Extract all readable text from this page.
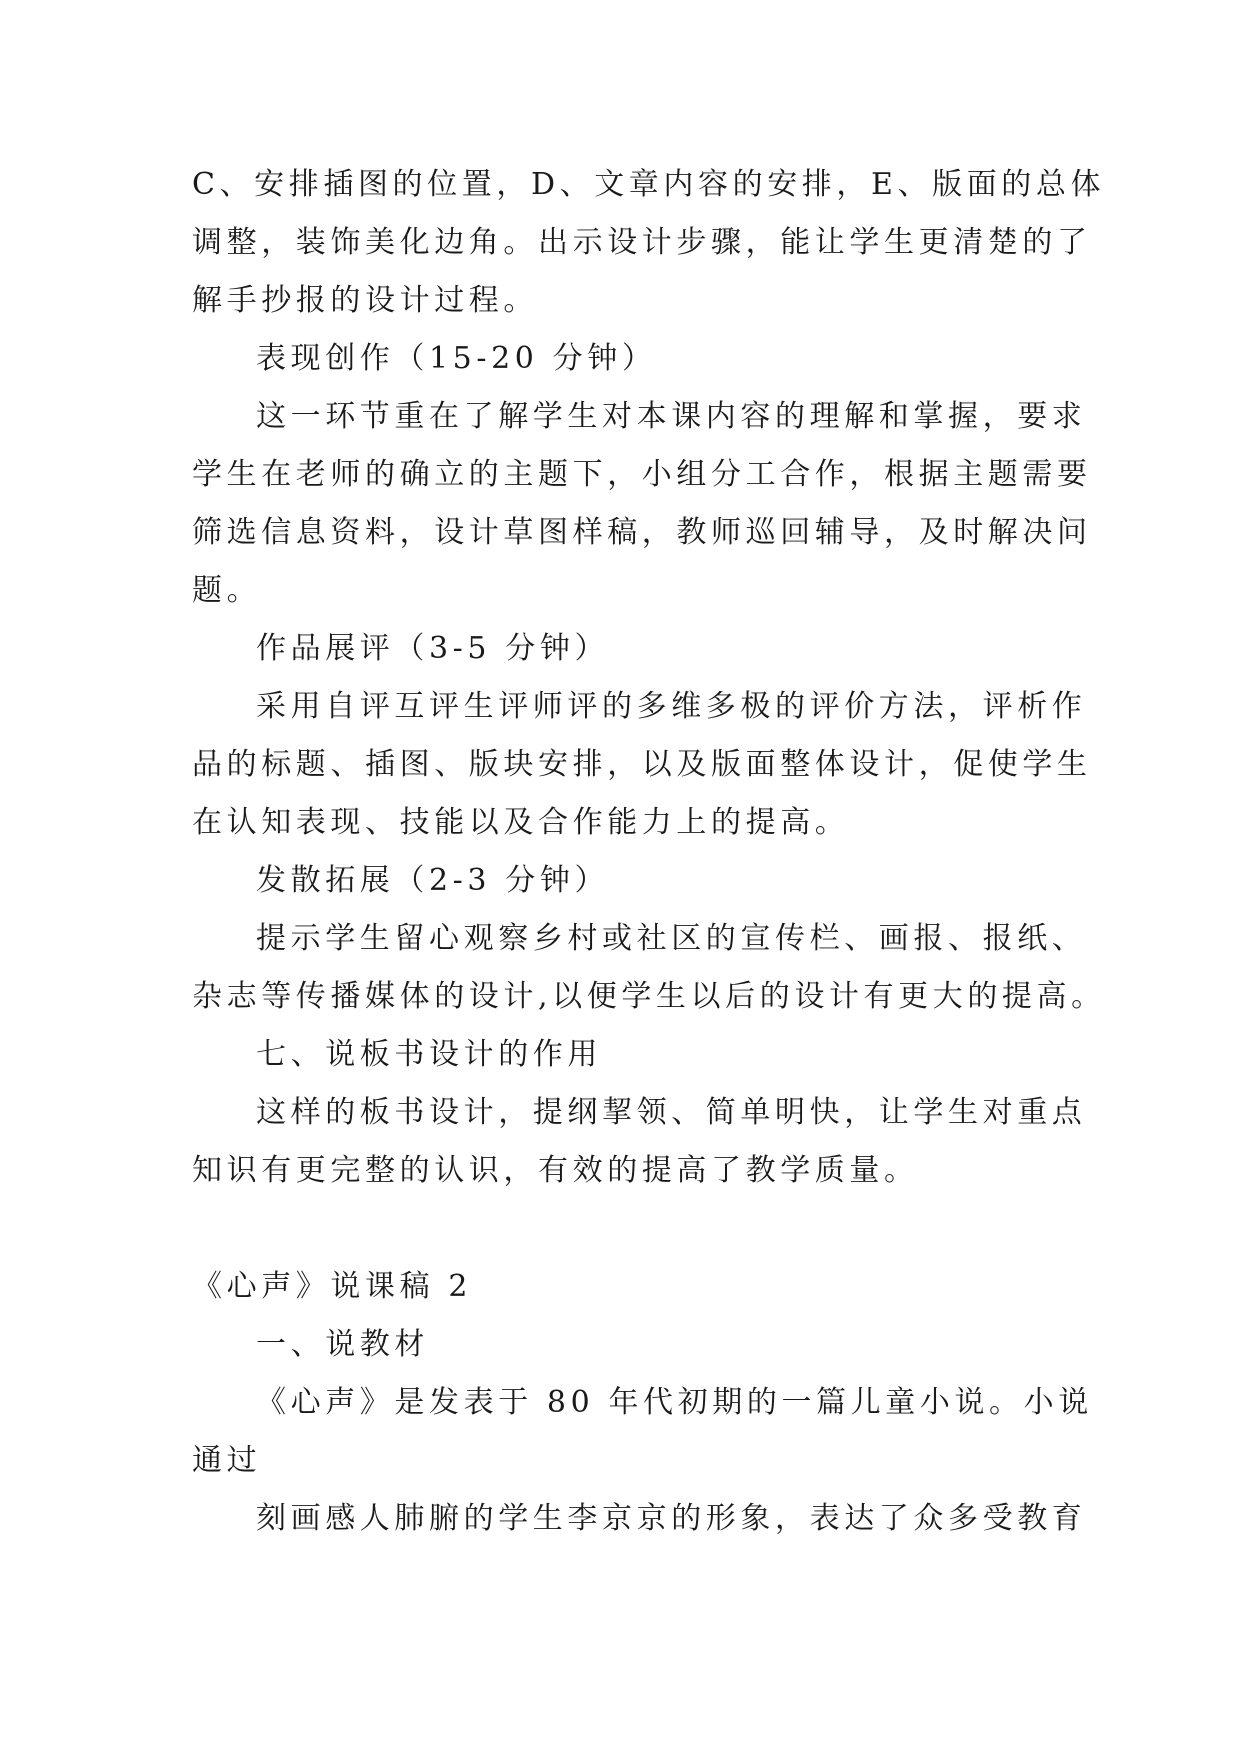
C、安排插图的位置，D、文章内容的安排，E、版面的总体
调整，装饰美化边角。出示设计步骤，能让学生更清楚的了
解手抄报的设计过程。
表现创作（15-20 分钟）
这一环节重在了解学生对本课内容的理解和掌握，要求
学生在老师的确立的主题下，小组分工合作，根据主题需要
筛选信息资料，设计草图样稿，教师巡回辅导，及时解决问
题。
作品展评（3-5 分钟）
采用自评互评生评师评的多维多极的评价方法，评析作
品的标题、插图、版块安排，以及版面整体设计，促使学生
在认知表现、技能以及合作能力上的提高。
发散拓展（2-3 分钟）
提示学生留心观察乡村或社区的宣传栏、画报、报纸、
杂志等传播媒体的设计,以便学生以后的设计有更大的提高。
七、说板书设计的作用
这样的板书设计，提纲挈领、简单明快，让学生对重点
知识有更完整的认识，有效的提高了教学质量。
《心声》说课稿 2
一、说教材
《心声》是发表于 80 年代初期的一篇儿童小说。小说
通过
刻画感人肺腑的学生李京京的形象，表达了众多受教育
